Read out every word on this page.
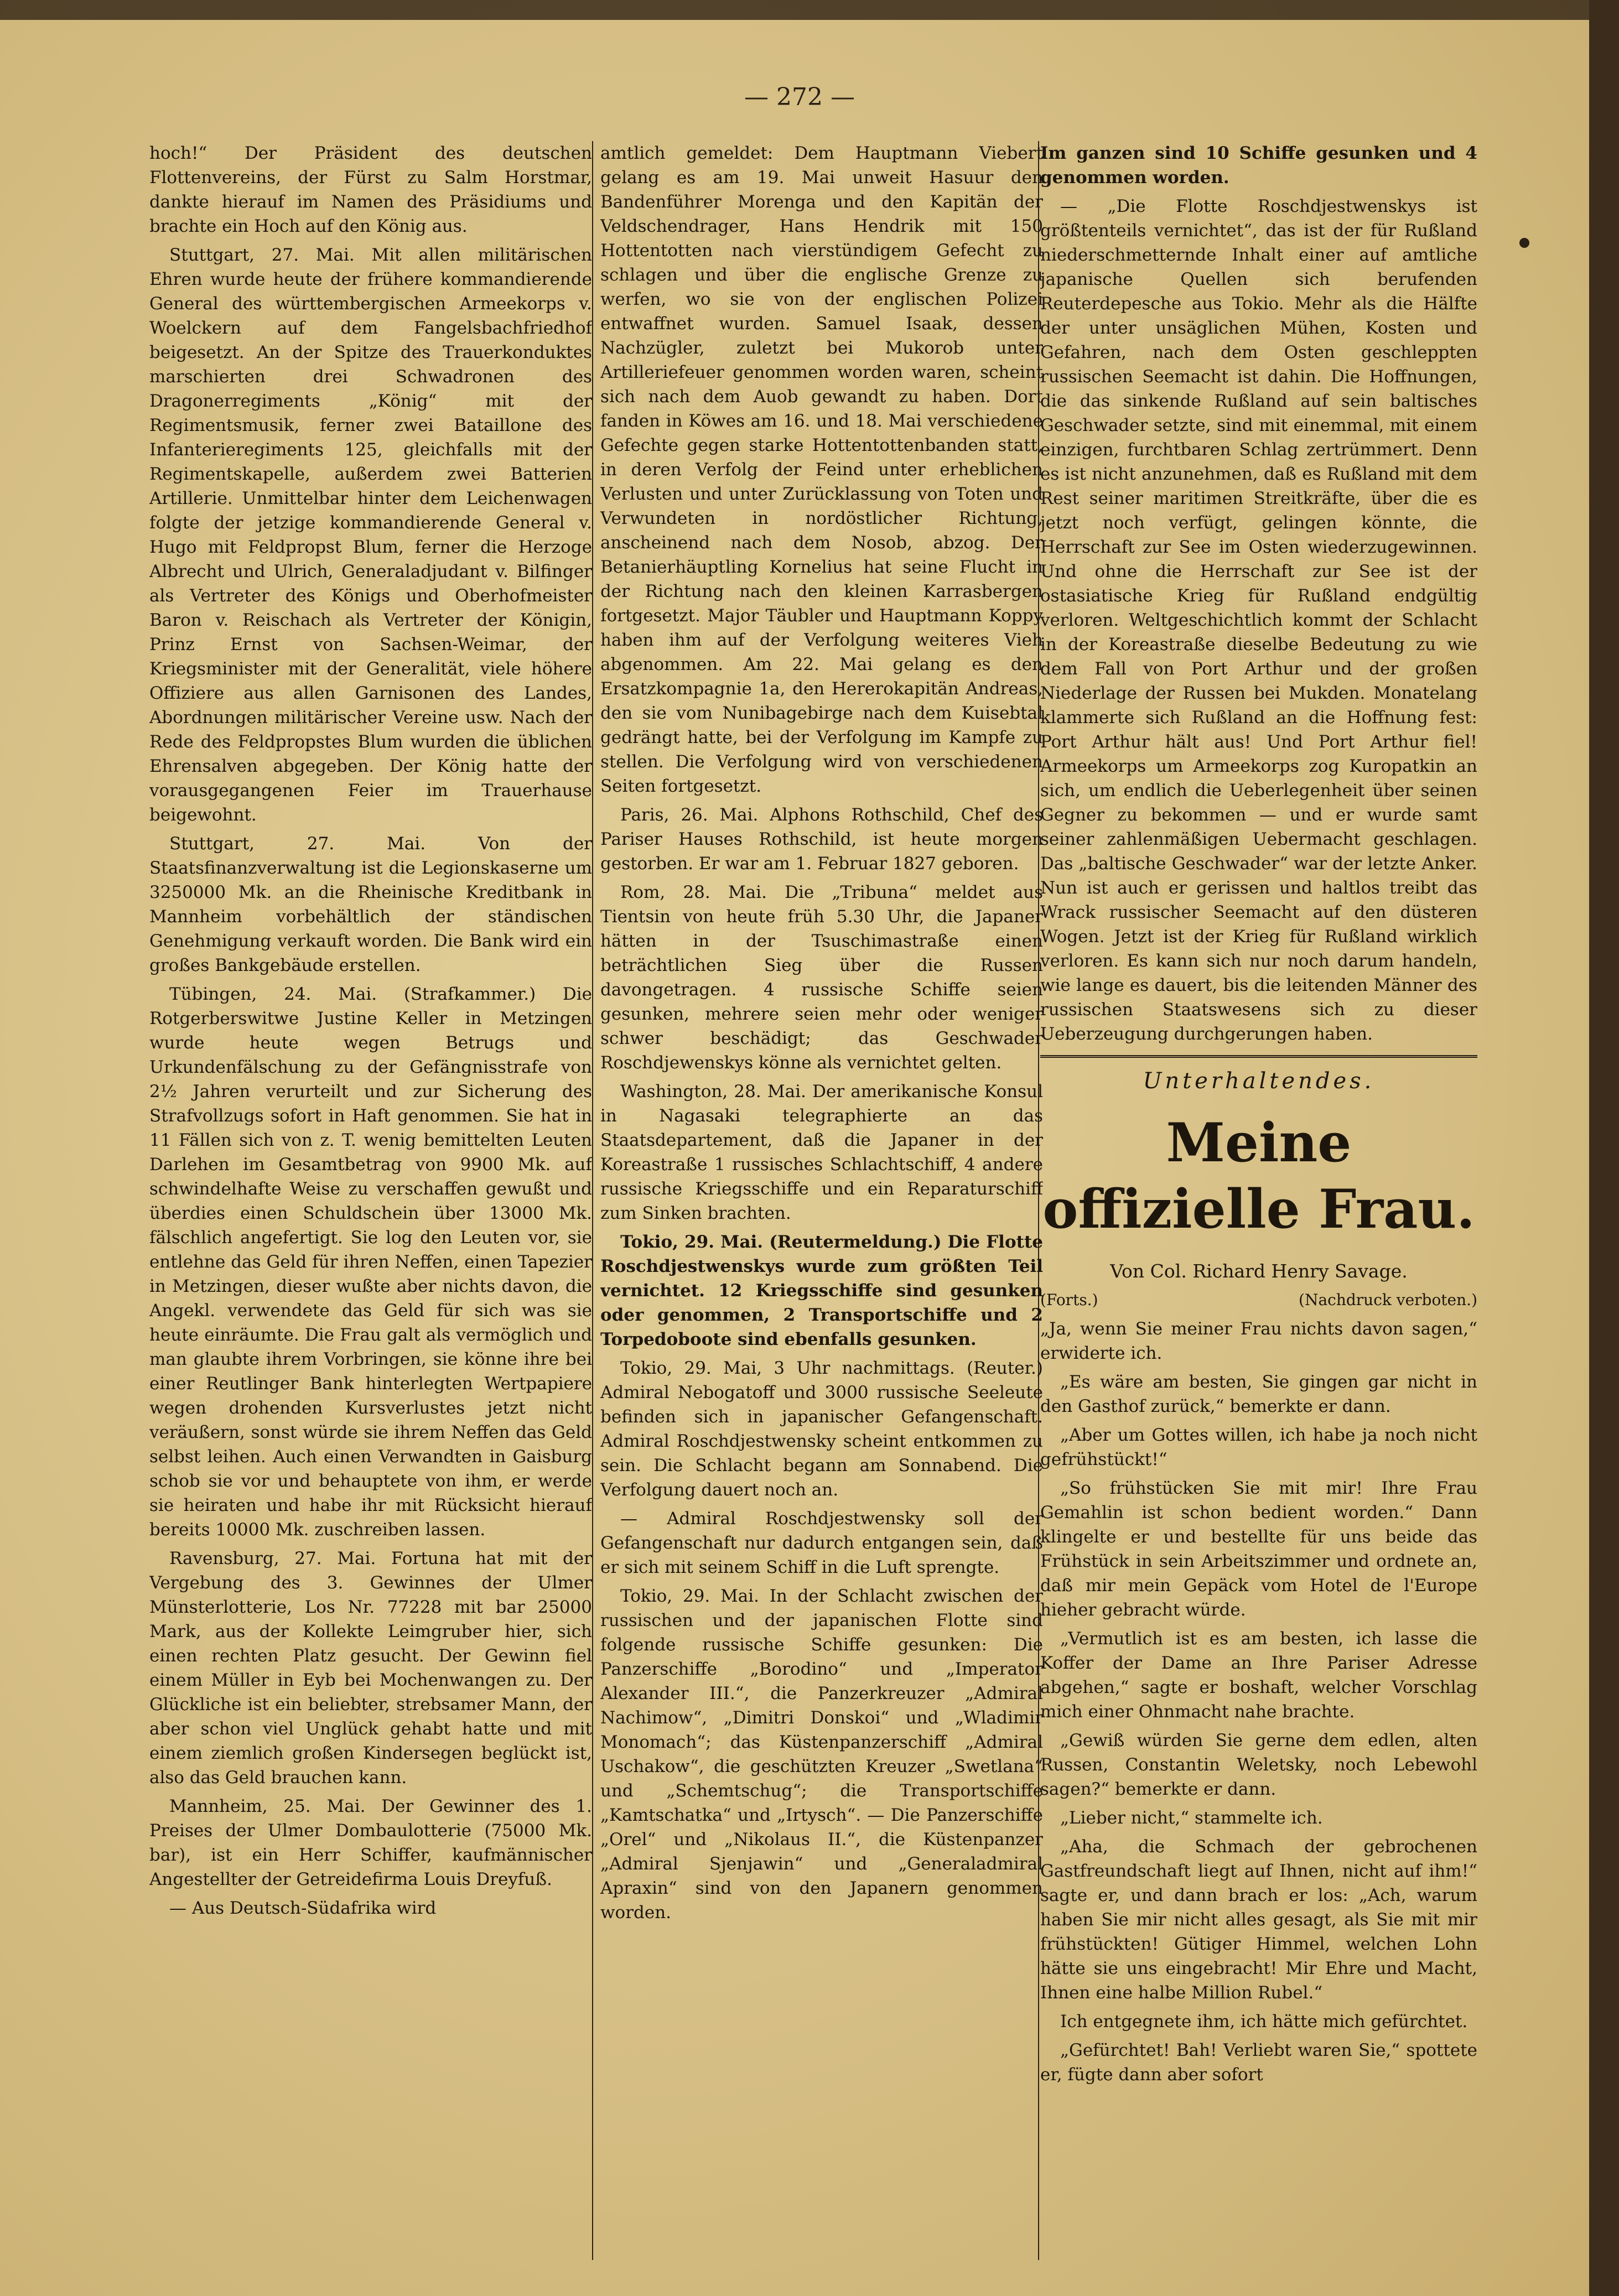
— 272 —

hoch!“ Der Präsident des deutschen Flottenvereins, der Fürst zu Salm Horstmar, dankte hierauf im Namen des Präsidiums und brachte ein Hoch auf den König aus.

Stuttgart, 27. Mai. Mit allen militärischen Ehren wurde heute der frühere kommandierende General des württembergischen Armeekorps v. Woelckern auf dem Fangelsbachfriedhof beigesetzt. An der Spitze des Trauerkonduktes marschierten drei Schwadronen des Dragonerregiments „König“ mit der Regimentsmusik, ferner zwei Bataillone des Infanterieregiments 125, gleichfalls mit der Regimentskapelle, außerdem zwei Batterien Artillerie. Unmittelbar hinter dem Leichenwagen folgte der jetzige kommandierende General v. Hugo mit Feldpropst Blum, ferner die Herzoge Albrecht und Ulrich, Generaladjudant v. Bilfinger als Vertreter des Königs und Oberhofmeister Baron v. Reischach als Vertreter der Königin, Prinz Ernst von Sachsen-Weimar, der Kriegsminister mit der Generalität, viele höhere Offiziere aus allen Garnisonen des Landes, Abordnungen militärischer Vereine usw. Nach der Rede des Feldpropstes Blum wurden die üblichen Ehrensalven abgegeben. Der König hatte der vorausgegangenen Feier im Trauerhause beigewohnt.

Stuttgart, 27. Mai. Von der Staatsfinanzverwaltung ist die Legionskaserne um 3250000 Mk. an die Rheinische Kreditbank in Mannheim vorbehältlich der ständischen Genehmigung verkauft worden. Die Bank wird ein großes Bankgebäude erstellen.

Tübingen, 24. Mai. (Strafkammer.) Die Rotgerberswitwe Justine Keller in Metzingen wurde heute wegen Betrugs und Urkundenfälschung zu der Gefängnisstrafe von 2½ Jahren verurteilt und zur Sicherung des Strafvollzugs sofort in Haft genommen. Sie hat in 11 Fällen sich von z. T. wenig bemittelten Leuten Darlehen im Gesamtbetrag von 9900 Mk. auf schwindelhafte Weise zu verschaffen gewußt und überdies einen Schuldschein über 13000 Mk. fälschlich angefertigt. Sie log den Leuten vor, sie entlehne das Geld für ihren Neffen, einen Tapezier in Metzingen, dieser wußte aber nichts davon, die Angekl. verwendete das Geld für sich was sie heute einräumte. Die Frau galt als vermöglich und man glaubte ihrem Vorbringen, sie könne ihre bei einer Reutlinger Bank hinterlegten Wertpapiere wegen drohenden Kursverlustes jetzt nicht veräußern, sonst würde sie ihrem Neffen das Geld selbst leihen. Auch einen Verwandten in Gaisburg schob sie vor und behauptete von ihm, er werde sie heiraten und habe ihr mit Rücksicht hierauf bereits 10000 Mk. zuschreiben lassen.

Ravensburg, 27. Mai. Fortuna hat mit der Vergebung des 3. Gewinnes der Ulmer Münsterlotterie, Los Nr. 77228 mit bar 25000 Mark, aus der Kollekte Leimgruber hier, sich einen rechten Platz gesucht. Der Gewinn fiel einem Müller in Eyb bei Mochenwangen zu. Der Glückliche ist ein beliebter, strebsamer Mann, der aber schon viel Unglück gehabt hatte und mit einem ziemlich großen Kindersegen beglückt ist, also das Geld brauchen kann.

Mannheim, 25. Mai. Der Gewinner des 1. Preises der Ulmer Dombaulotterie (75000 Mk. bar), ist ein Herr Schiffer, kaufmännischer Angestellter der Getreidefirma Louis Dreyfuß.

— Aus Deutsch-Südafrika wird

amtlich gemeldet: Dem Hauptmann Viebert gelang es am 19. Mai unweit Hasuur den Bandenführer Morenga und den Kapitän der Veldschendrager, Hans Hendrik mit 150 Hottentotten nach vierstündigem Gefecht zu schlagen und über die englische Grenze zu werfen, wo sie von der englischen Polizei entwaffnet wurden. Samuel Isaak, dessen Nachzügler, zuletzt bei Mukorob unter Artilleriefeuer genommen worden waren, scheint sich nach dem Auob gewandt zu haben. Dort fanden in Köwes am 16. und 18. Mai verschiedene Gefechte gegen starke Hottentottenbanden statt, in deren Verfolg der Feind unter erheblichen Verlusten und unter Zurücklassung von Toten und Verwundeten in nordöstlicher Richtung, anscheinend nach dem Nosob, abzog. Der Betanierhäuptling Kornelius hat seine Flucht in der Richtung nach den kleinen Karrasbergen fortgesetzt. Major Täubler und Hauptmann Koppy haben ihm auf der Verfolgung weiteres Vieh abgenommen. Am 22. Mai gelang es den Ersatzkompagnie 1a, den Hererokapitän Andreas, den sie vom Nunibagebirge nach dem Kuisebtal gedrängt hatte, bei der Verfolgung im Kampfe zu stellen. Die Verfolgung wird von verschiedenen Seiten fortgesetzt.

Paris, 26. Mai. Alphons Rothschild, Chef des Pariser Hauses Rothschild, ist heute morgen gestorben. Er war am 1. Februar 1827 geboren.

Rom, 28. Mai. Die „Tribuna“ meldet aus Tientsin von heute früh 5.30 Uhr, die Japaner hätten in der Tsuschimastraße einen beträchtlichen Sieg über die Russen davongetragen. 4 russische Schiffe seien gesunken, mehrere seien mehr oder weniger schwer beschädigt; das Geschwader Roschdjewenskys könne als vernichtet gelten.

Washington, 28. Mai. Der amerikanische Konsul in Nagasaki telegraphierte an das Staatsdepartement, daß die Japaner in der Koreastraße 1 russisches Schlachtschiff, 4 andere russische Kriegsschiffe und ein Reparaturschiff zum Sinken brachten.

Tokio, 29. Mai. (Reutermeldung.) Die Flotte Roschdjestwenskys wurde zum größten Teil vernichtet. 12 Kriegsschiffe sind gesunken oder genommen, 2 Transportschiffe und 2 Torpedoboote sind ebenfalls gesunken.

Tokio, 29. Mai, 3 Uhr nachmittags. (Reuter.) Admiral Nebogatoff und 3000 russische Seeleute befinden sich in japanischer Gefangenschaft. Admiral Roschdjestwensky scheint entkommen zu sein. Die Schlacht begann am Sonnabend. Die Verfolgung dauert noch an.

— Admiral Roschdjestwensky soll der Gefangenschaft nur dadurch entgangen sein, daß er sich mit seinem Schiff in die Luft sprengte.

Tokio, 29. Mai. In der Schlacht zwischen der russischen und der japanischen Flotte sind folgende russische Schiffe gesunken: Die Panzerschiffe „Borodino“ und „Imperator Alexander III.“, die Panzerkreuzer „Admiral Nachimow“, „Dimitri Donskoi“ und „Wladimir Monomach“; das Küstenpanzerschiff „Admiral Uschakow“, die geschützten Kreuzer „Swetlana“ und „Schemtschug“; die Transportschiffe „Kamtschatka“ und „Irtysch“. — Die Panzerschiffe „Orel“ und „Nikolaus II.“, die Küstenpanzer „Admiral Sjenjawin“ und „Generaladmiral Apraxin“ sind von den Japanern genommen worden.

Im ganzen sind 10 Schiffe gesunken und 4 genommen worden.

— „Die Flotte Roschdjestwenskys ist größtenteils vernichtet“, das ist der für Rußland niederschmetternde Inhalt einer auf amtliche japanische Quellen sich berufenden Reuterdepesche aus Tokio. Mehr als die Hälfte der unter unsäglichen Mühen, Kosten und Gefahren, nach dem Osten geschleppten russischen Seemacht ist dahin. Die Hoffnungen, die das sinkende Rußland auf sein baltisches Geschwader setzte, sind mit einemmal, mit einem einzigen, furchtbaren Schlag zertrümmert. Denn es ist nicht anzunehmen, daß es Rußland mit dem Rest seiner maritimen Streitkräfte, über die es jetzt noch verfügt, gelingen könnte, die Herrschaft zur See im Osten wiederzugewinnen. Und ohne die Herrschaft zur See ist der ostasiatische Krieg für Rußland endgültig verloren. Weltgeschichtlich kommt der Schlacht in der Koreastraße dieselbe Bedeutung zu wie dem Fall von Port Arthur und der großen Niederlage der Russen bei Mukden. Monatelang klammerte sich Rußland an die Hoffnung fest: Port Arthur hält aus! Und Port Arthur fiel! Armeekorps um Armeekorps zog Kuropatkin an sich, um endlich die Ueberlegenheit über seinen Gegner zu bekommen — und er wurde samt seiner zahlenmäßigen Uebermacht geschlagen. Das „baltische Geschwader“ war der letzte Anker. Nun ist auch er gerissen und haltlos treibt das Wrack russischer Seemacht auf den düsteren Wogen. Jetzt ist der Krieg für Rußland wirklich verloren. Es kann sich nur noch darum handeln, wie lange es dauert, bis die leitenden Männer des russischen Staatswesens sich zu dieser Ueberzeugung durchgerungen haben.

Unterhaltendes.
Meine offizielle Frau.
Von Col. Richard Henry Savage.
(Forts.)	(Nachdruck verboten.)

„Ja, wenn Sie meiner Frau nichts davon sagen,“ erwiderte ich.

„Es wäre am besten, Sie gingen gar nicht in den Gasthof zurück,“ bemerkte er dann.

„Aber um Gottes willen, ich habe ja noch nicht gefrühstückt!“

„So frühstücken Sie mit mir! Ihre Frau Gemahlin ist schon bedient worden.“ Dann klingelte er und bestellte für uns beide das Frühstück in sein Arbeitszimmer und ordnete an, daß mir mein Gepäck vom Hotel de l'Europe hieher gebracht würde.

„Vermutlich ist es am besten, ich lasse die Koffer der Dame an Ihre Pariser Adresse abgehen,“ sagte er boshaft, welcher Vorschlag mich einer Ohnmacht nahe brachte.

„Gewiß würden Sie gerne dem edlen, alten Russen, Constantin Weletsky, noch Lebewohl sagen?“ bemerkte er dann.

„Lieber nicht,“ stammelte ich.

„Aha, die Schmach der gebrochenen Gastfreundschaft liegt auf Ihnen, nicht auf ihm!“ sagte er, und dann brach er los: „Ach, warum haben Sie mir nicht alles gesagt, als Sie mit mir frühstückten! Gütiger Himmel, welchen Lohn hätte sie uns eingebracht! Mir Ehre und Macht, Ihnen eine halbe Million Rubel.“

Ich entgegnete ihm, ich hätte mich gefürchtet.

„Gefürchtet! Bah! Verliebt waren Sie,“ spottete er, fügte dann aber sofort
